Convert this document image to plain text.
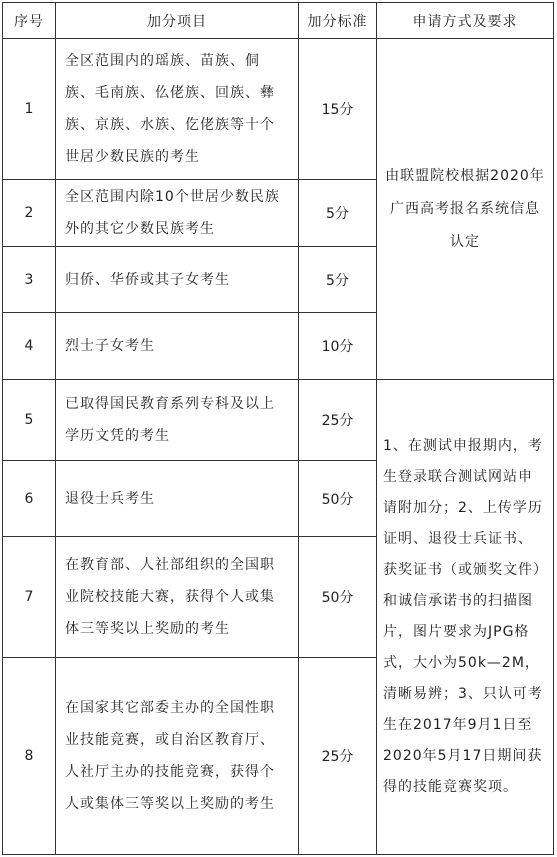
序号	加分项目	加分标准	申请方式及要求
1	全区范围内的瑶族、苗族、侗族、毛南族、仫佬族、回族、彝族、京族、水族、仡佬族等十个世居少数民族的考生	15分	由联盟院校根据2020年广西高考报名系统信息认定

2	全区范围内除10个世居少数民族外的其它少数民族考生	5分	
3	归侨、华侨或其子女考生	5分	
4	烈士子女考生	10分	
5	已取得国民教育系列专科及以上学历文凭的考生	25分	1、在测试申报期内，考生登录联合测试网站申请附加分；2、上传学历证明、退役士兵证书、获奖证书（或颁奖文件）和诚信承诺书的扫描图片，图片要求为JPG格式，大小为50k—2M，清晰易辨；3、只认可考生在2017年9月1日至2020年5月17日期间获得的技能竞赛奖项。

6	退役士兵考生	50分	
7	在教育部、人社部组织的全国职业院校技能大赛，获得个人或集体三等奖以上奖励的考生	50分	
8	在国家其它部委主办的全国性职业技能竞赛，或自治区教育厅、人社厅主办的技能竞赛，获得个人或集体三等奖以上奖励的考生	25分	
